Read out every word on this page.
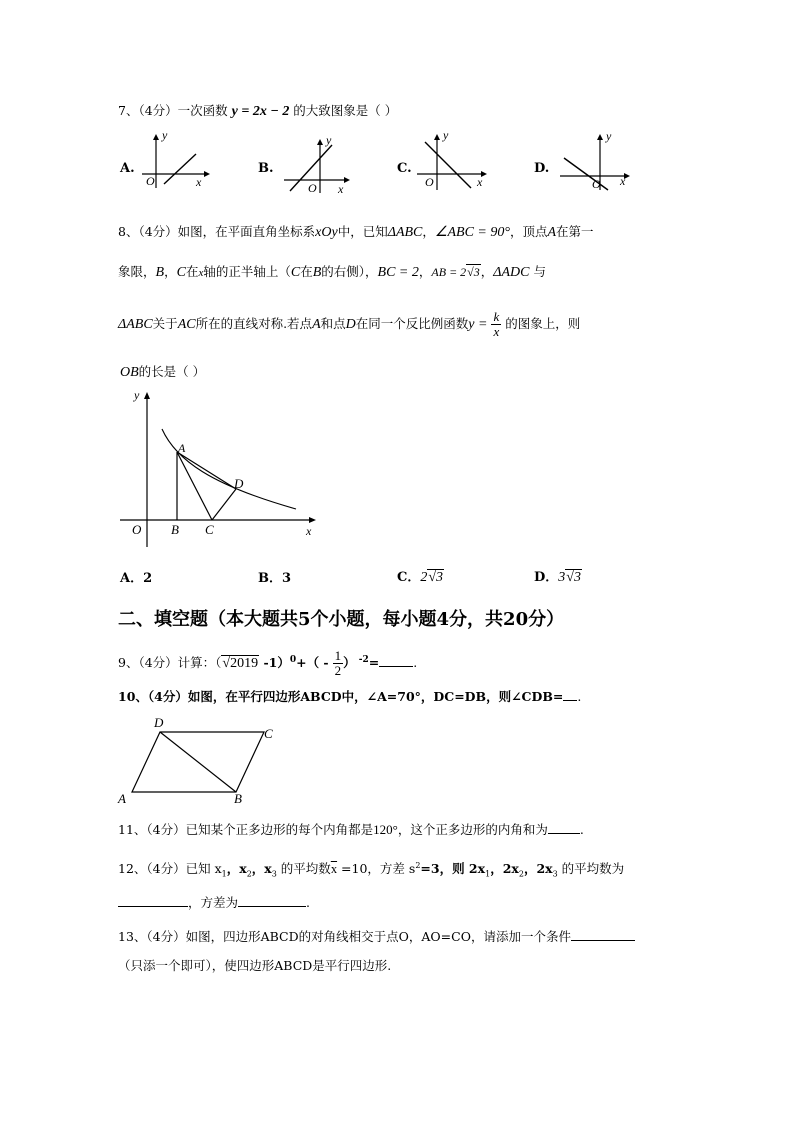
7、（4分）一次函数 y = 2x − 2 的大致图象是（ ）
A.	B.	C.	D.
y
x
O
y
x
O
y
x
O
y
x
O
8、（4分）如图，在平面直角坐标系xOy中，已知ΔABC，∠ABC = 90°，顶点A在第一
象限，B，C在x轴的正半轴上（C在B的右侧），BC = 2，AB = 2√3，ΔADC 与
ΔABC关于AC所在的直线对称.若点A和点D在同一个反比例函数$y = \frac{k}{x}$ 的图象上，则
OB的长是（ ）
y
x
O
A
B C
D
A．2	B．3	C．2√3	D．3√3
二、填空题（本大题共5个小题，每小题4分，共20分）
9、（4分）计算：（√2019 $-1)^0+( - \frac{1}{2}$ ） $^{-2}$=	.
10、（4分）如图，在平行四边形ABCD中，∠A=70°，DC=DB，则∠CDB= .
D
C
A	B
11、（4分）已知某个正多边形的每个内角都是120°，这个正多边形的内角和为	.
12、（4分）已知 $x_1$，$x_2$，$x_3$ 的平均数$\overline{x} =10$，方差 $s^2=3$，则 $2x_1$，$2x_2$，$2x_3$ 的平均数为
，方差为	.
13、（4分）如图，四边形ABCD的对角线相交于点O，AO=CO，请添加一个条件
（只添一个即可），使四边形ABCD是平行四边形.
